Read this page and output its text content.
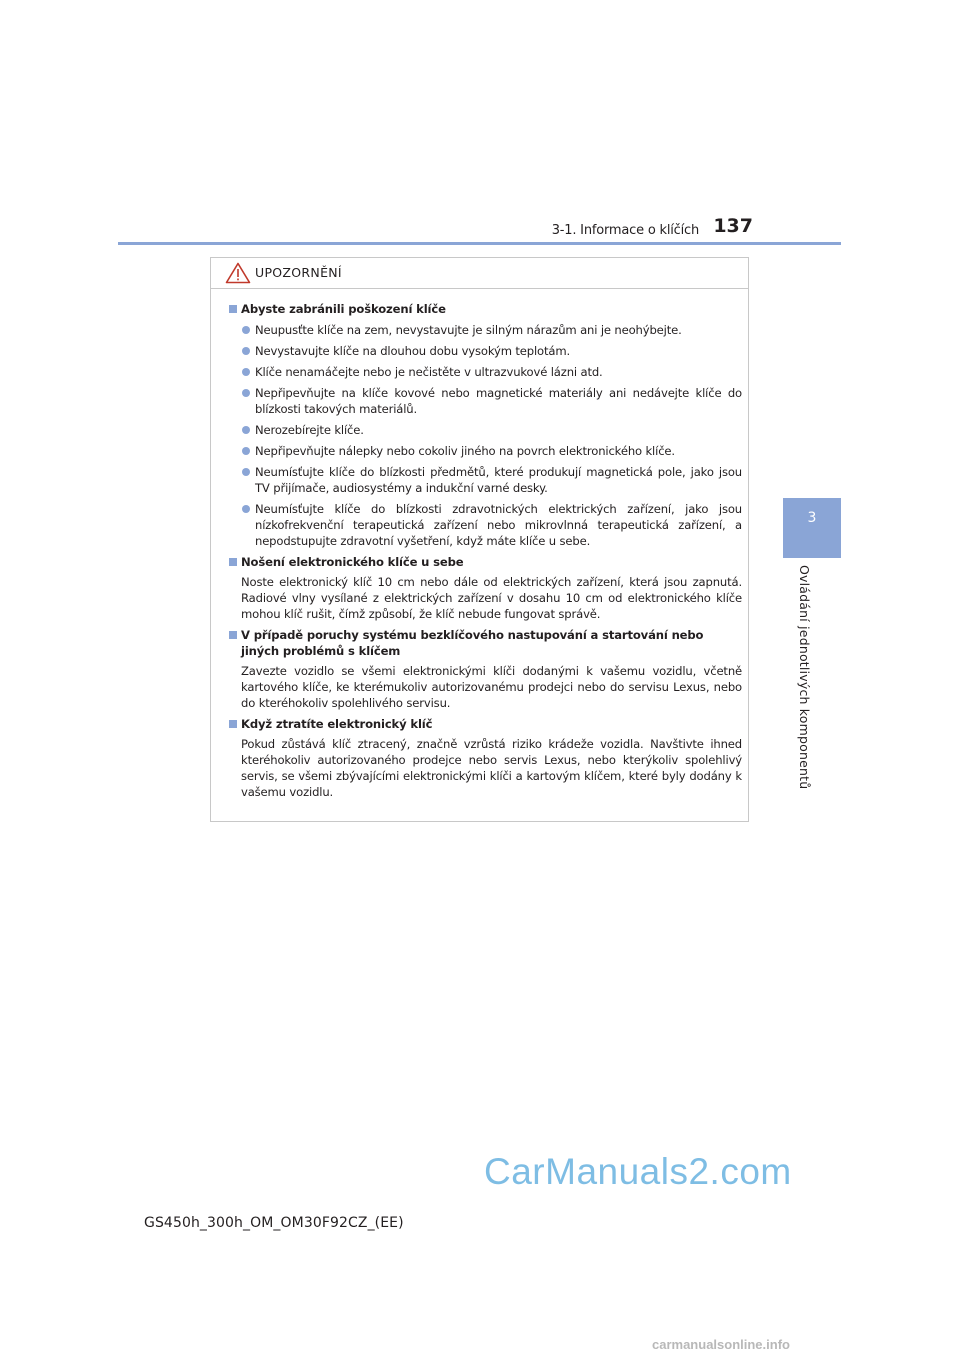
3-1. Informace o klíčích 137
3
Ovládání jednotlivých komponentů
UPOZORNĚNÍ
Abyste zabránili poškození klíče
Neupusťte klíče na zem, nevystavujte je silným nárazům ani je neohýbejte.
Nevystavujte klíče na dlouhou dobu vysokým teplotám.
Klíče nenamáčejte nebo je nečistěte v ultrazvukové lázni atd.
Nepřipevňujte na klíče kovové nebo magnetické materiály ani nedávejte klíče do blízkosti takových materiálů.
Nerozebírejte klíče.
Nepřipevňujte nálepky nebo cokoliv jiného na povrch elektronického klíče.
Neumísťujte klíče do blízkosti předmětů, které produkují magnetická pole, jako jsou TV přijímače, audiosystémy a indukční varné desky.
Neumísťujte klíče do blízkosti zdravotnických elektrických zařízení, jako jsou nízkofrekvenční terapeutická zařízení nebo mikrovlnná terapeutická zařízení, a nepodstupujte zdravotní vyšetření, když máte klíče u sebe.
Nošení elektronického klíče u sebe
Noste elektronický klíč 10 cm nebo dále od elektrických zařízení, která jsou zapnutá. Radiové vlny vysílané z elektrických zařízení v dosahu 10 cm od elektronického klíče mohou klíč rušit, čímž způsobí, že klíč nebude fungovat správě.
V případě poruchy systému bezklíčového nastupování a startování nebo jiných problémů s klíčem
Zavezte vozidlo se všemi elektronickými klíči dodanými k vašemu vozidlu, včetně kartového klíče, ke kterémukoliv autorizovanému prodejci nebo do servisu Lexus, nebo do kteréhokoliv spolehlivého servisu.
Když ztratíte elektronický klíč
Pokud zůstává klíč ztracený, značně vzrůstá riziko krádeže vozidla. Navštivte ihned kteréhokoliv autorizovaného prodejce nebo servis Lexus, nebo kterýkoliv spolehlivý servis, se všemi zbývajícími elektronickými klíči a kartovým klíčem, které byly dodány k vašemu vozidlu.
CarManuals2.com
GS450h_300h_OM_OM30F92CZ_(EE)
carmanualsonline.info
